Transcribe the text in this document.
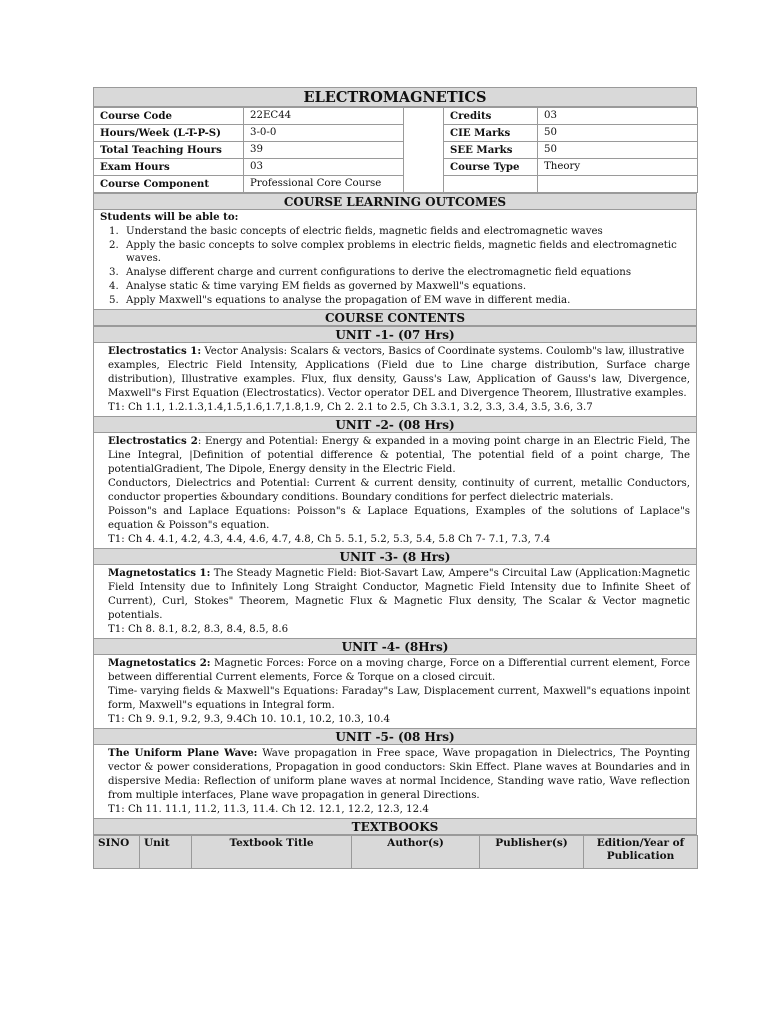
ELECTROMAGNETICS
Course Code	22EC44		Credits	03
Hours/Week (L-T-P-S)	3-0-0		CIE Marks	50
Total Teaching Hours	39		SEE Marks	50
Exam Hours	03		Course Type	Theory
Course Component	Professional Core Course			
COURSE LEARNING OUTCOMES
Students will be able to:
1. Understand the basic concepts of electric fields, magnetic fields and electromagnetic waves
2. Apply the basic concepts to solve complex problems in electric fields, magnetic fields and electromagnetic waves.
3. Analyse different charge and current configurations to derive the electromagnetic field equations
4. Analyse static & time varying EM fields as governed by Maxwell"s equations.
5. Apply Maxwell"s equations to analyse the propagation of EM wave in different media.
COURSE CONTENTS
UNIT -1- (07 Hrs)

Electrostatics 1: Vector Analysis: Scalars & vectors, Basics of Coordinate systems. Coulomb"s law, illustrative

examples, Electric Field Intensity, Applications (Field due to Line charge distribution, Surface charge distribution), Illustrative examples. Flux, flux density, Gauss's Law, Application of Gauss's law, Divergence, Maxwell"s First Equation (Electrostatics). Vector operator DEL and Divergence Theorem, Illustrative examples.

T1: Ch 1.1, 1.2.1.3,1.4,1.5,1.6,1.7,1.8,1.9, Ch 2. 2.1 to 2.5, Ch 3.3.1, 3.2, 3.3, 3.4, 3.5, 3.6, 3.7

UNIT -2- (08 Hrs)

Electrostatics 2: Energy and Potential: Energy & expanded in a moving point charge in an Electric Field, The Line Integral, |Definition of potential difference & potential, The potential field of a point charge, The potentialGradient, The Dipole, Energy density in the Electric Field.

Conductors, Dielectrics and Potential: Current & current density, continuity of current, metallic Conductors, conductor properties &boundary conditions. Boundary conditions for perfect dielectric materials.

Poisson"s and Laplace Equations: Poisson"s & Laplace Equations, Examples of the solutions of Laplace"s equation & Poisson"s equation.

T1: Ch 4. 4.1, 4.2, 4.3, 4.4, 4.6, 4.7, 4.8, Ch 5. 5.1, 5.2, 5.3, 5.4, 5.8 Ch 7- 7.1, 7.3, 7.4

UNIT -3- (8 Hrs)

Magnetostatics 1: The Steady Magnetic Field: Biot-Savart Law, Ampere"s Circuital Law (Application:Magnetic Field Intensity due to Infinitely Long Straight Conductor, Magnetic Field Intensity due to Infinite Sheet of Current), Curl, Stokes" Theorem, Magnetic Flux & Magnetic Flux density, The Scalar & Vector magnetic potentials.

T1: Ch 8. 8.1, 8.2, 8.3, 8.4, 8.5, 8.6

UNIT -4- (8Hrs)

Magnetostatics 2: Magnetic Forces: Force on a moving charge, Force on a Differential current element, Force between differential Current elements, Force & Torque on a closed circuit.

Time- varying fields & Maxwell"s Equations: Faraday"s Law, Displacement current, Maxwell"s equations inpoint form, Maxwell"s equations in Integral form.

T1: Ch 9. 9.1, 9.2, 9.3, 9.4Ch 10. 10.1, 10.2, 10.3, 10.4

UNIT -5- (08 Hrs)

The Uniform Plane Wave: Wave propagation in Free space, Wave propagation in Dielectrics, The Poynting vector & power considerations, Propagation in good conductors: Skin Effect. Plane waves at Boundaries and in dispersive Media: Reflection of uniform plane waves at normal Incidence, Standing wave ratio, Wave reflection from multiple interfaces, Plane wave propagation in general Directions.

T1: Ch 11. 11.1, 11.2, 11.3, 11.4. Ch 12. 12.1, 12.2, 12.3, 12.4

TEXTBOOKS
SINO	Unit	Textbook Title	Author(s)	Publisher(s)	Edition/Year of Publication
